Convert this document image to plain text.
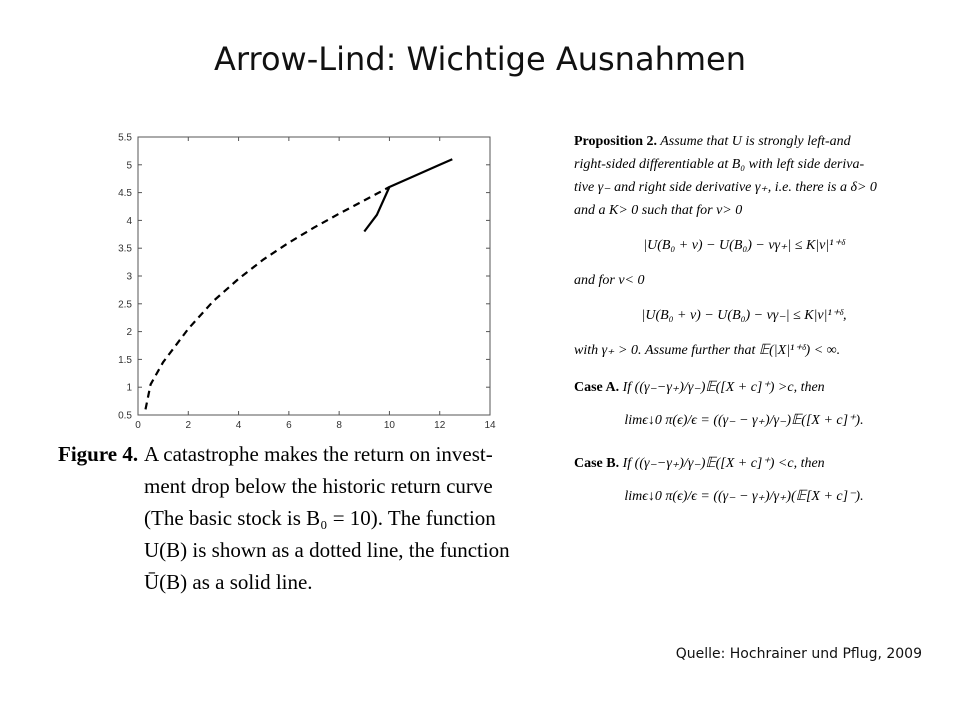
Arrow-Lind: Wichtige Ausnahmen
0	2	4	6	8	10	12	14
0.5
1
1.5
2
2.5
3
3.5
4
4.5
5
5.5
Figure 4. A catastrophe makes the return on invest-
ment drop below the historic return curve
(The basic stock is B₀ = 10). The function
U(B) is shown as a dotted line, the function
Ū(B) as a solid line.

Proposition 2. Assume that U is strongly left-and

right-sided differentiable at B₀ with left side deriva-

tive γ₋ and right side derivative γ₊, i.e. there is a δ> 0

and a K> 0 such that for v> 0

|U(B₀ + v) − U(B₀) − vγ₊| ≤ K|v|¹⁺ᵟ

and for v< 0

|U(B₀ + v) − U(B₀) − vγ₋| ≤ K|v|¹⁺ᵟ,

with γ₊ > 0. Assume further that 𝔼(|X|¹⁺ᵟ) < ∞.

Case A. If ((γ₋−γ₊)/γ₋)𝔼([X + c]⁺) >c, then

limϵ↓0 π(ϵ)/ϵ = ((γ₋ − γ₊)/γ₋)𝔼([X + c]⁺).

Case B. If ((γ₋−γ₊)/γ₋)𝔼([X + c]⁺) <c, then

limϵ↓0 π(ϵ)/ϵ = ((γ₋ − γ₊)/γ₊)(𝔼[X + c]⁻).

Quelle: Hochrainer und Pflug, 2009
